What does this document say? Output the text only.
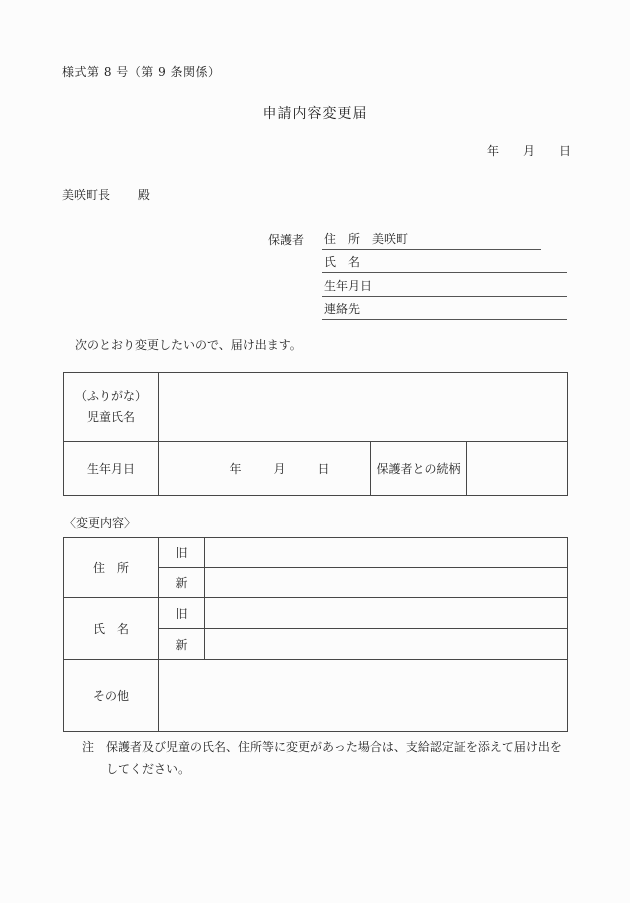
様式第 8 号（第 9 条関係）
申請内容変更届
年 月 日
美咲町長 殿
保護者	住　所 美咲町
氏　名
生年月日
連絡先
次のとおり変更したいので、届け出ます。
（ふりがな）
児童氏名			

生年月日	年 月 日	保護者との続柄	
〈変更内容〉
住　所	旧	
	新	
氏　名	旧	
	新	
その他		
注 保護者及び児童の氏名、住所等に変更があった場合は、支給認定証を添えて届け出を
してください。
